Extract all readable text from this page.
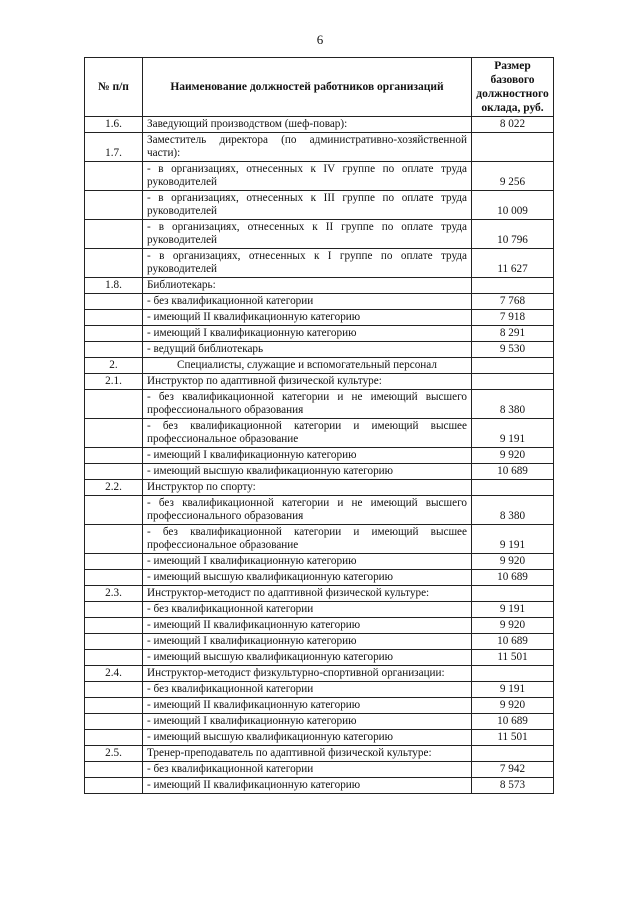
6
№ п/п	Наименование должностей работников организаций	Размер базового должностного оклада, руб.
1.6.	Заведующий производством (шеф-повар):	8 022
1.7.	Заместитель директора (по административно-хозяйственной части):	
	- в организациях, отнесенных к IV группе по оплате труда руководителей	9 256
	- в организациях, отнесенных к III группе по оплате труда руководителей	10 009
	- в организациях, отнесенных к II группе по оплате труда руководителей	10 796
	- в организациях, отнесенных к I группе по оплате труда руководителей	11 627
1.8.	Библиотекарь:	
	- без квалификационной категории	7 768
	- имеющий II квалификационную категорию	7 918
	- имеющий I квалификационную категорию	8 291
	- ведущий библиотекарь	9 530
2.	Специалисты, служащие и вспомогательный персонал	
2.1.	Инструктор по адаптивной физической культуре:	
	- без квалификационной категории и не имеющий высшего профессионального образования	8 380
	- без квалификационной категории и имеющий высшее профессиональное образование	9 191
	- имеющий I квалификационную категорию	9 920
	- имеющий высшую квалификационную категорию	10 689
2.2.	Инструктор по спорту:	
	- без квалификационной категории и не имеющий высшего профессионального образования	8 380
	- без квалификационной категории и имеющий высшее профессиональное образование	9 191
	- имеющий I квалификационную категорию	9 920
	- имеющий высшую квалификационную категорию	10 689
2.3.	Инструктор-методист по адаптивной физической культуре:	
	- без квалификационной категории	9 191
	- имеющий II квалификационную категорию	9 920
	- имеющий I квалификационную категорию	10 689
	- имеющий высшую квалификационную категорию	11 501
2.4.	Инструктор-методист физкультурно-спортивной организации:	
	- без квалификационной категории	9 191
	- имеющий II квалификационную категорию	9 920
	- имеющий I квалификационную категорию	10 689
	- имеющий высшую квалификационную категорию	11 501
2.5.	Тренер-преподаватель по адаптивной физической культуре:	
	- без квалификационной категории	7 942
	- имеющий II квалификационную категорию	8 573
